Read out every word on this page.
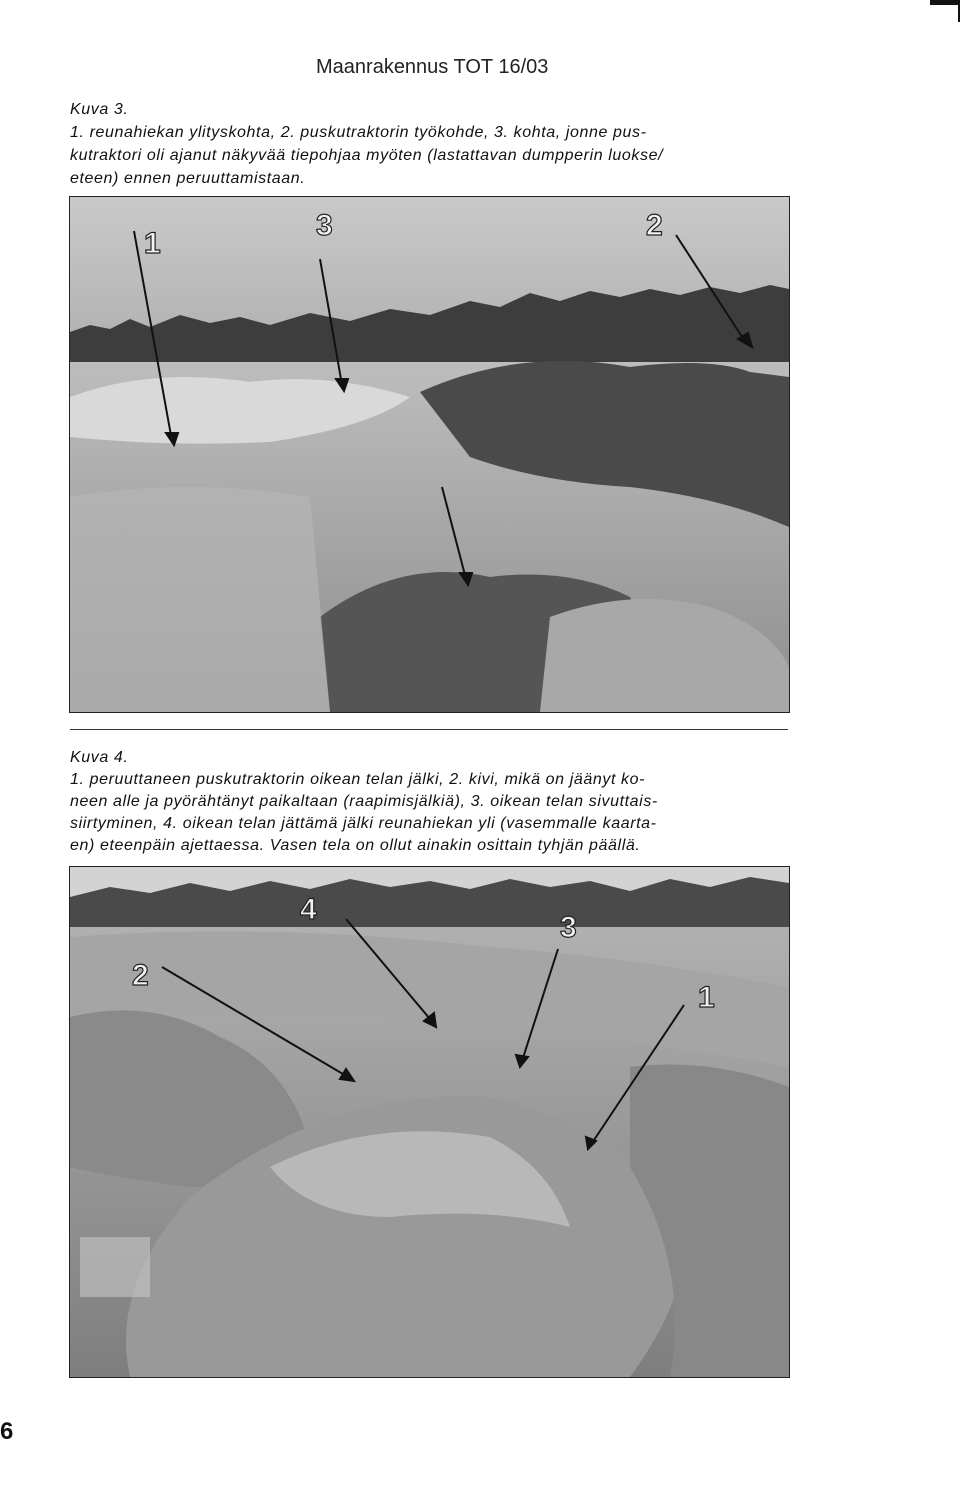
Maanrakennus TOT 16/03

Kuva 3.

1. reunahiekan ylityskohta, 2. puskutraktorin työkohde, 3. kohta, jonne pus-

kutraktori oli ajanut näkyvää tiepohjaa myöten (lastattavan dumpperin luokse/

eteen) ennen peruuttamistaan.

1
3	2

Kuva 4.

1. peruuttaneen puskutraktorin oikean telan jälki, 2. kivi, mikä on jäänyt ko-

neen alle ja pyörähtänyt paikaltaan (raapimisjälkiä), 3. oikean telan sivuttais-

siirtyminen, 4. oikean telan jättämä jälki reunahiekan yli (vasemmalle kaarta-

en) eteenpäin ajettaessa. Vasen tela on ollut ainakin osittain tyhjän päällä.

4
3
2
1
6
